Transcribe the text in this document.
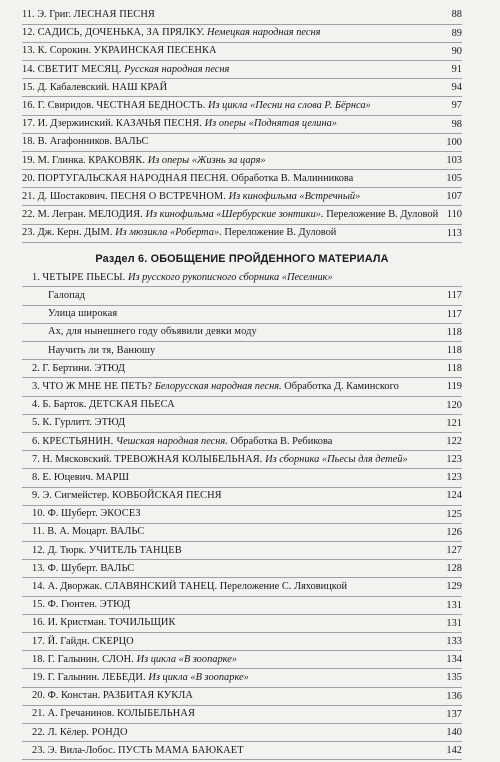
11. Э. Григ. ЛЕСНАЯ ПЕСНЯ	88
12. САДИСЬ, ДОЧЕНЬКА, ЗА ПРЯЛКУ. Немецкая народная песня	89
13. К. Сорокин. УКРАИНСКАЯ ПЕСЕНКА	90
14. СВЕТИТ МЕСЯЦ. Русская народная песня	91
15. Д. Кабалевский. НАШ КРАЙ	94
16. Г. Свиридов. ЧЕСТНАЯ БЕДНОСТЬ. Из цикла «Песни на слова Р. Бёрнса»	97
17. И. Дзержинский. КАЗАЧЬЯ ПЕСНЯ. Из оперы «Поднятая целина»	98
18. В. Агафонников. ВАЛЬС	100
19. М. Глинка. КРАКОВЯК. Из оперы «Жизнь за царя»	103
20. ПОРТУГАЛЬСКАЯ НАРОДНАЯ ПЕСНЯ. Обработка В. Малинникова	105
21. Д. Шостакович. ПЕСНЯ О ВСТРЕЧНОМ. Из кинофильма «Встречный»	107
22. М. Легран. МЕЛОДИЯ. Из кинофильма «Шербурские зонтики». Переложение В. Дуловой 110
23. Дж. Керн. ДЫМ. Из мюзикла «Роберта». Переложение В. Дуловой	113
Раздел 6. ОБОБЩЕНИЕ ПРОЙДЕННОГО МАТЕРИАЛА
1. ЧЕТЫРЕ ПЬЕСЫ. Из русского рукописного сборника «Песелник»
Галопад	117
Улица широкая	117
Ах, для нынешнего году объявили девки моду	118
Научить ли тя, Ванюшу	118
2. Г. Бертини. ЭТЮД	118
3. ЧТО Ж МНЕ НЕ ПЕТЬ? Белорусская народная песня. Обработка Д. Каминского	119
4. Б. Барток. ДЕТСКАЯ ПЬЕСА	120
5. К. Гурлитт. ЭТЮД	121
6. КРЕСТЬЯНИН. Чешская народная песня. Обработка В. Ребикова	122
7. Н. Мясковский. ТРЕВОЖНАЯ КОЛЫБЕЛЬНАЯ. Из сборника «Пьесы для детей»	123
8. Е. Юцевич. МАРШ	123
9. Э. Сигмейстер. КОВБОЙСКАЯ ПЕСНЯ	124
10. Ф. Шуберт. ЭКОСЕЗ	125
11. В. А. Моцарт. ВАЛЬС	126
12. Д. Тюрк. УЧИТЕЛЬ ТАНЦЕВ	127
13. Ф. Шуберт. ВАЛЬС	128
14. А. Дворжак. СЛАВЯНСКИЙ ТАНЕЦ. Переложение С. Ляховицкой	129
15. Ф. Гюнтен. ЭТЮД	131
16. И. Кристман. ТОЧИЛЬЩИК	131
17. Й. Гайдн. СКЕРЦО	133
18. Г. Галынин. СЛОН. Из цикла «В зоопарке»	134
19. Г. Галынин. ЛЕБЕДИ. Из цикла «В зоопарке»	135
20. Ф. Констан. РАЗБИТАЯ КУКЛА	136
21. А. Гречанинов. КОЛЫБЕЛЬНАЯ	137
22. Л. Кёлер. РОНДО	140
23. Э. Вила-Лобос. ПУСТЬ МАМА БАЮКАЕТ	142
